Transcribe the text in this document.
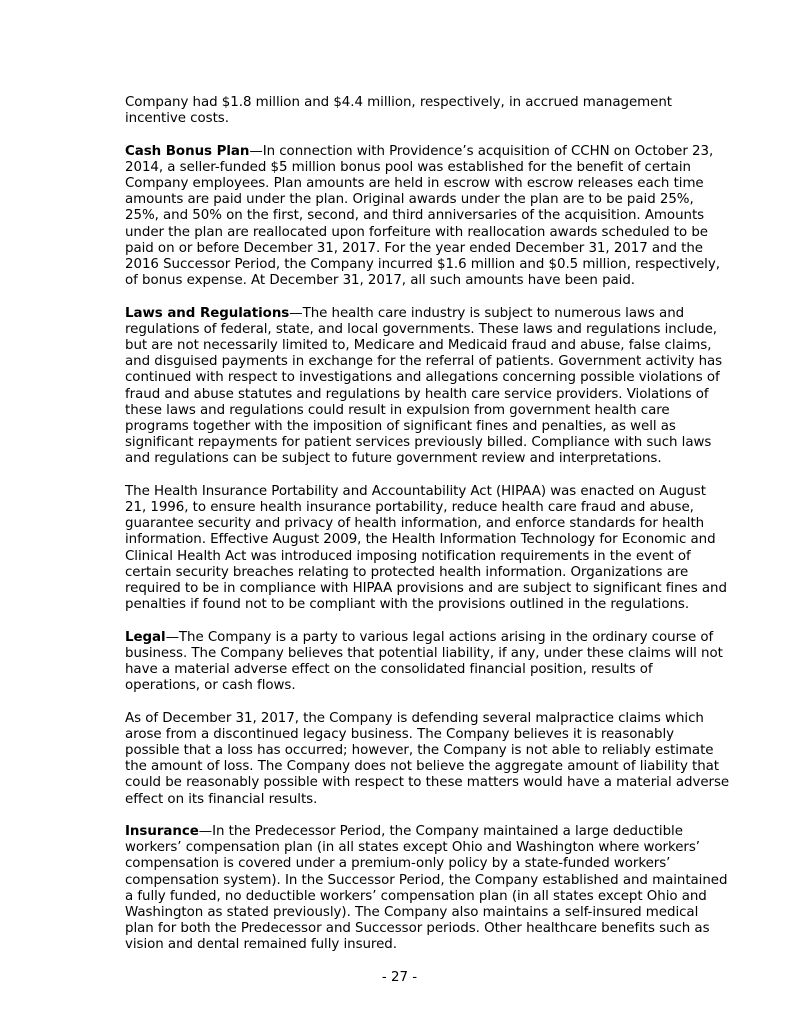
Company had $1.8 million and $4.4 million, respectively, in accrued management incentive costs.

Cash Bonus Plan—In connection with Providence’s acquisition of CCHN on October 23, 2014, a seller-funded $5 million bonus pool was established for the benefit of certain Company employees. Plan amounts are held in escrow with escrow releases each time amounts are paid under the plan. Original awards under the plan are to be paid 25%, 25%, and 50% on the first, second, and third anniversaries of the acquisition. Amounts under the plan are reallocated upon forfeiture with reallocation awards scheduled to be paid on or before December 31, 2017. For the year ended December 31, 2017 and the 2016 Successor Period, the Company incurred $1.6 million and $0.5 million, respectively, of bonus expense. At December 31, 2017, all such amounts have been paid.

Laws and Regulations—The health care industry is subject to numerous laws and regulations of federal, state, and local governments. These laws and regulations include, but are not necessarily limited to, Medicare and Medicaid fraud and abuse, false claims, and disguised payments in exchange for the referral of patients. Government activity has continued with respect to investigations and allegations concerning possible violations of fraud and abuse statutes and regulations by health care service providers. Violations of these laws and regulations could result in expulsion from government health care programs together with the imposition of significant fines and penalties, as well as significant repayments for patient services previously billed. Compliance with such laws and regulations can be subject to future government review and interpretations.

The Health Insurance Portability and Accountability Act (HIPAA) was enacted on August 21, 1996, to ensure health insurance portability, reduce health care fraud and abuse, guarantee security and privacy of health information, and enforce standards for health information. Effective August 2009, the Health Information Technology for Economic and Clinical Health Act was introduced imposing notification requirements in the event of certain security breaches relating to protected health information. Organizations are required to be in compliance with HIPAA provisions and are subject to significant fines and penalties if found not to be compliant with the provisions outlined in the regulations.

Legal—The Company is a party to various legal actions arising in the ordinary course of business. The Company believes that potential liability, if any, under these claims will not have a material adverse effect on the consolidated financial position, results of operations, or cash flows.

As of December 31, 2017, the Company is defending several malpractice claims which arose from a discontinued legacy business. The Company believes it is reasonably possible that a loss has occurred; however, the Company is not able to reliably estimate the amount of loss. The Company does not believe the aggregate amount of liability that could be reasonably possible with respect to these matters would have a material adverse effect on its financial results.

Insurance—In the Predecessor Period, the Company maintained a large deductible workers’ compensation plan (in all states except Ohio and Washington where workers’ compensation is covered under a premium-only policy by a state-funded workers’ compensation system). In the Successor Period, the Company established and maintained a fully funded, no deductible workers’ compensation plan (in all states except Ohio and Washington as stated previously). The Company also maintains a self-insured medical plan for both the Predecessor and Successor periods. Other healthcare benefits such as vision and dental remained fully insured.

- 27 -
